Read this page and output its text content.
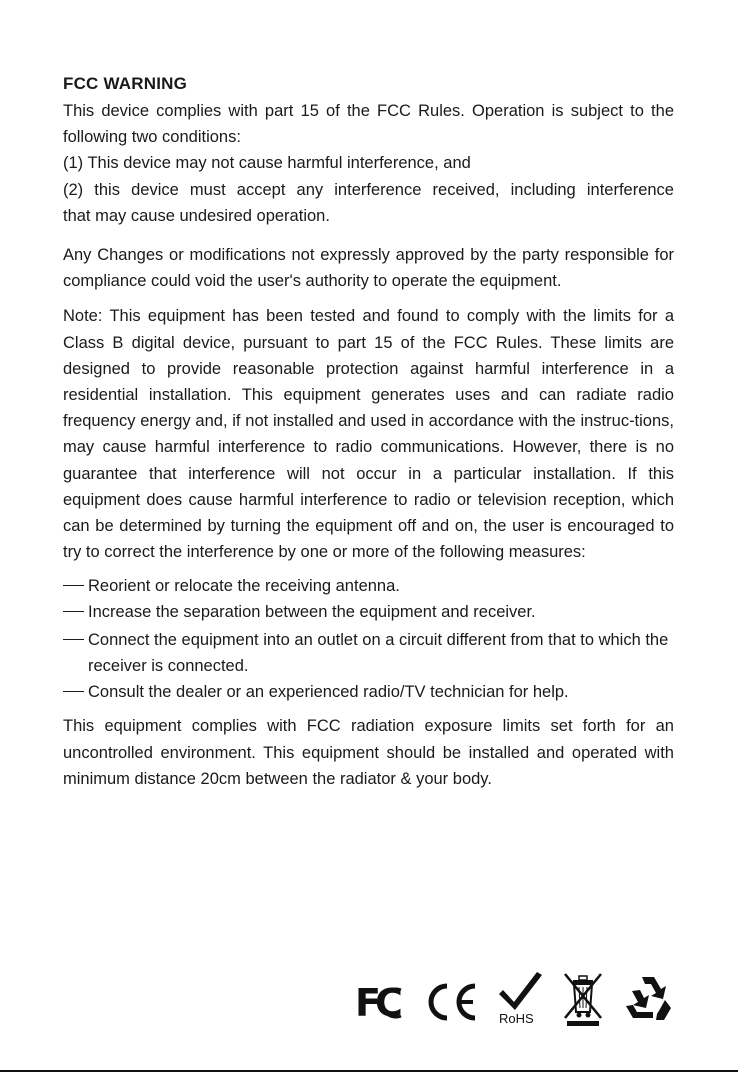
FCC WARNING

This device complies with part 15 of the FCC Rules. Operation is subject to the
following two conditions:
(1) This device may not cause harmful interference, and
(2) this device must accept any interference received, including interference
that may cause undesired operation.

Any Changes or modifications not expressly approved by the party responsible for compliance could void the user's authority to operate the equipment.

Note: This equipment has been tested and found to comply with the limits for a Class B digital device, pursuant to part 15 of the FCC Rules. These limits are designed to provide reasonable protection against harmful interference in a residential installation. This equipment generates uses and can radiate radio frequency energy and, if not installed and used in accordance with the instruc-tions, may cause harmful interference to radio communications. However, there is no guarantee that interference will not occur in a particular installation. If this equipment does cause harmful interference to radio or television reception, which can be determined by turning the equipment off and on, the user is encouraged to try to correct the interference by one or more of the following measures:

Reorient or relocate the receiving antenna.
Increase the separation between the equipment and receiver.
Connect the equipment into an outlet on a circuit different from that to which the receiver is connected.
Consult the dealer or an experienced radio/TV technician for help.

This equipment complies with FCC radiation exposure limits set forth for an uncontrolled environment. This equipment should be installed and operated with minimum distance 20cm between the radiator & your body.

FC	RoHS
